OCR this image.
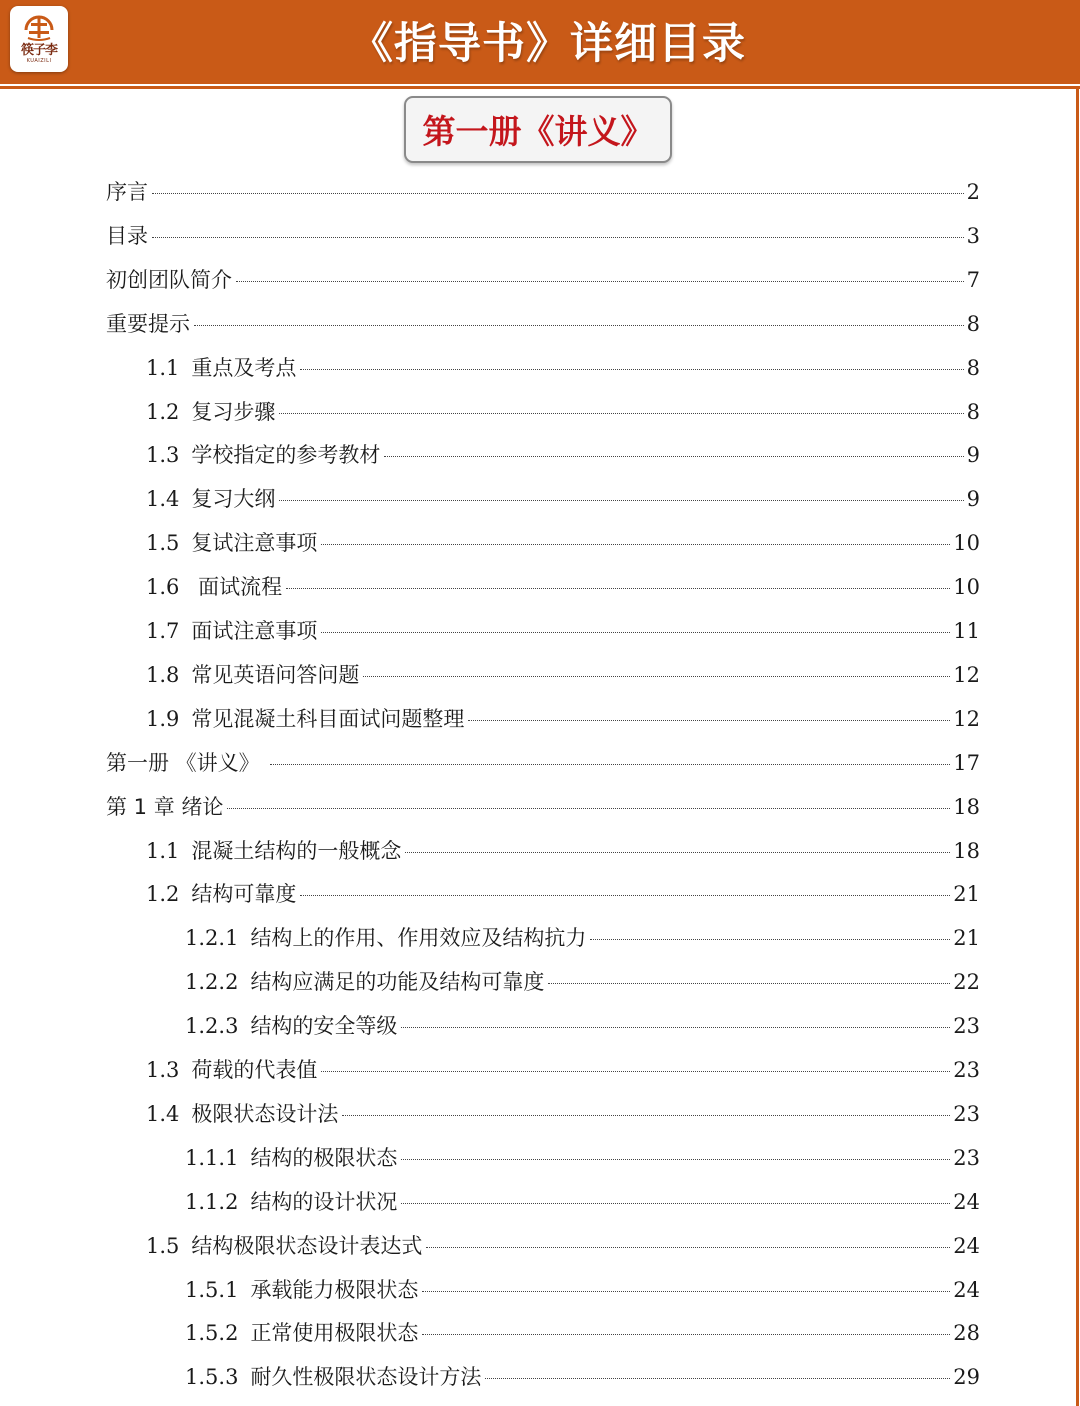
筷子李
KUAIZILI	《指导书》详细目录
第一册《讲义》
序言	2
目录	3
初创团队简介	7
重要提示	8
1.1 重点及考点	8
1.2 复习步骤	8
1.3 学校指定的参考教材	9
1.4 复习大纲	9
1.5 复试注意事项	10
1.6 面试流程	10
1.7 面试注意事项	11
1.8 常见英语问答问题	12
1.9 常见混凝土科目面试问题整理	12
第一册 《讲义》	17
第 1 章 绪论	18
1.1 混凝土结构的一般概念	18
1.2 结构可靠度	21
1.2.1 结构上的作用、作用效应及结构抗力	21
1.2.2 结构应满足的功能及结构可靠度	22
1.2.3 结构的安全等级	23
1.3 荷载的代表值	23
1.4 极限状态设计法	23
1.1.1 结构的极限状态	23
1.1.2 结构的设计状况	24
1.5 结构极限状态设计表达式	24
1.5.1 承载能力极限状态	24
1.5.2 正常使用极限状态	28
1.5.3 耐久性极限状态设计方法	29
